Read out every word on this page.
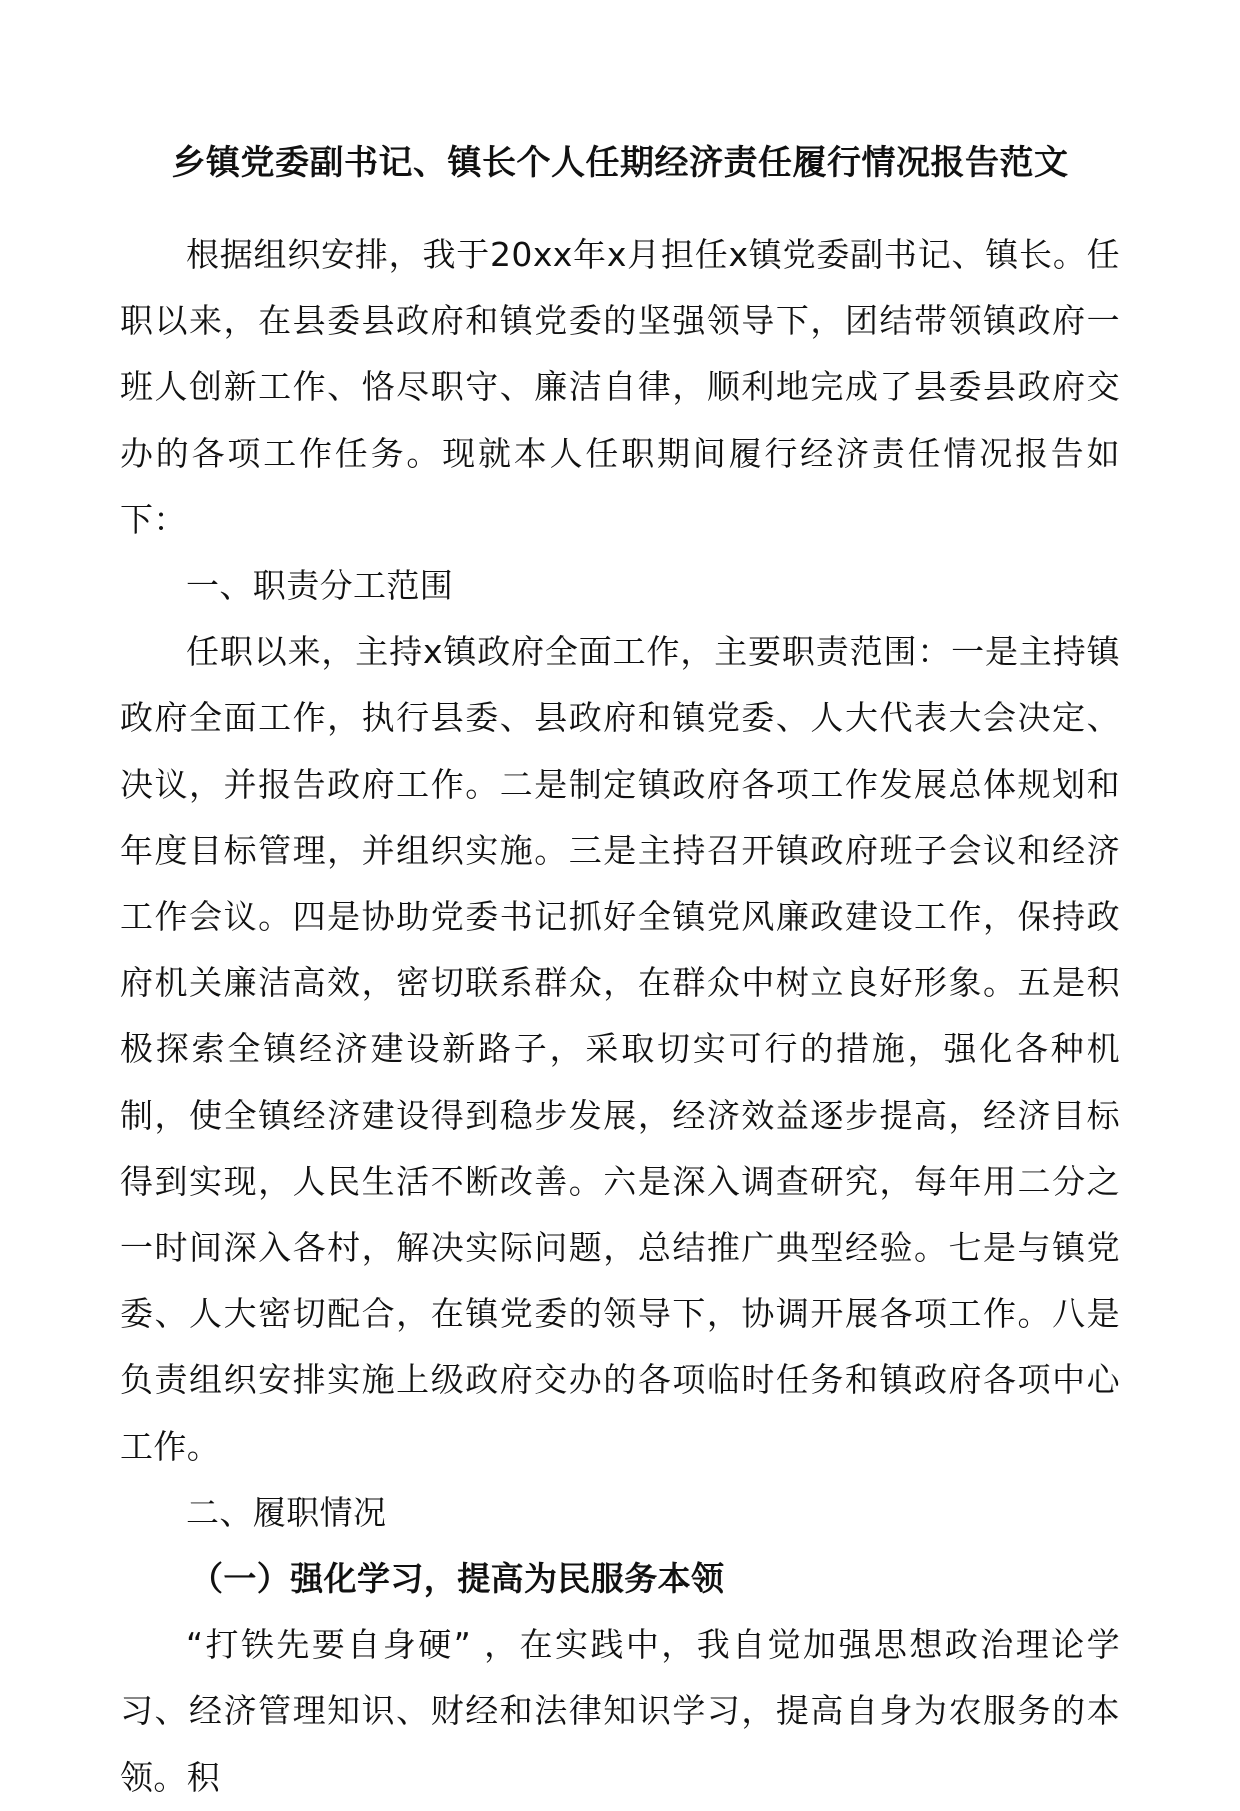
乡镇党委副书记、镇长个人任期经济责任履行情况报告范文

根据组织安排，我于20xx年x月担任x镇党委副书记、镇长。任职以来，在县委县政府和镇党委的坚强领导下，团结带领镇政府一班人创新工作、恪尽职守、廉洁自律，顺利地完成了县委县政府交办的各项工作任务。现就本人任职期间履行经济责任情况报告如下：

一、职责分工范围

任职以来，主持x镇政府全面工作，主要职责范围：一是主持镇政府全面工作，执行县委、县政府和镇党委、人大代表大会决定、决议，并报告政府工作。二是制定镇政府各项工作发展总体规划和年度目标管理，并组织实施。三是主持召开镇政府班子会议和经济工作会议。四是协助党委书记抓好全镇党风廉政建设工作，保持政府机关廉洁高效，密切联系群众，在群众中树立良好形象。五是积极探索全镇经济建设新路子，采取切实可行的措施，强化各种机制，使全镇经济建设得到稳步发展，经济效益逐步提高，经济目标得到实现，人民生活不断改善。六是深入调查研究，每年用二分之一时间深入各村，解决实际问题，总结推广典型经验。七是与镇党委、人大密切配合，在镇党委的领导下，协调开展各项工作。八是负责组织安排实施上级政府交办的各项临时任务和镇政府各项中心工作。

二、履职情况

（一）强化学习，提高为民服务本领

“打铁先要自身硬” ，在实践中，我自觉加强思想政治理论学习、经济管理知识、财经和法律知识学习，提高自身为农服务的本领。积
